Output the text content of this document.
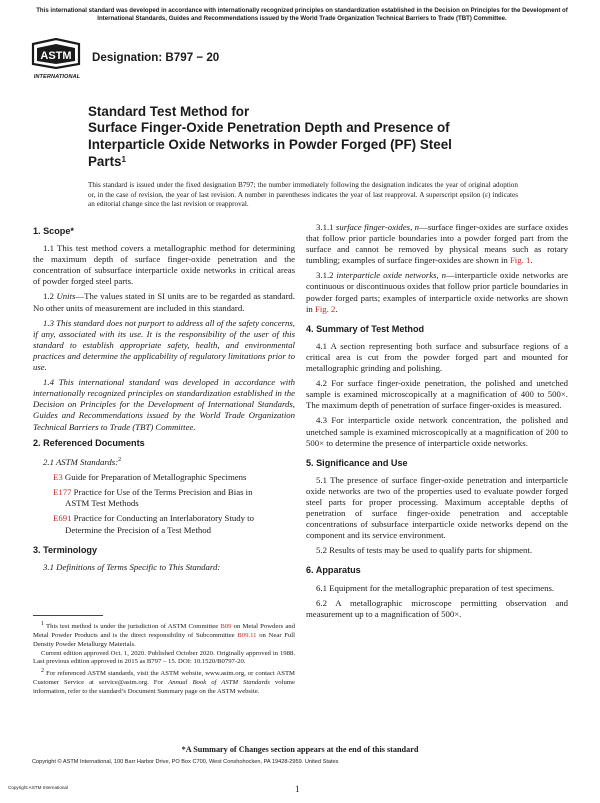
This international standard was developed in accordance with internationally recognized principles on standardization established in the Decision on Principles for the Development of International Standards, Guides and Recommendations issued by the World Trade Organization Technical Barriers to Trade (TBT) Committee.
ASTM
INTERNATIONAL
Designation: B797 − 20
Standard Test Method for
Surface Finger-Oxide Penetration Depth and Presence of
Interparticle Oxide Networks in Powder Forged (PF) Steel
Parts$^1$
This standard is issued under the fixed designation B797; the number immediately following the designation indicates the year of original adoption or, in the case of revision, the year of last revision. A number in parentheses indicates the year of last reapproval. A superscript epsilon (ε) indicates an editorial change since the last revision or reapproval.
1. Scope*

1.1 This test method covers a metallographic method for determining the maximum depth of surface finger-oxide penetration and the concentration of subsurface interparticle oxide networks in critical areas of powder forged steel parts.

1.2 Units—The values stated in SI units are to be regarded as standard. No other units of measurement are included in this standard.

1.3 This standard does not purport to address all of the safety concerns, if any, associated with its use. It is the responsibility of the user of this standard to establish appropriate safety, health, and environmental practices and determine the applicability of regulatory limitations prior to use.

1.4 This international standard was developed in accordance with internationally recognized principles on standardization established in the Decision on Principles for the Development of International Standards, Guides and Recommendations issued by the World Trade Organization Technical Barriers to Trade (TBT) Committee.

2. Referenced Documents

2.1 ASTM Standards:$^2$

E3 Guide for Preparation of Metallographic Specimens

E177 Practice for Use of the Terms Precision and Bias in
ASTM Test Methods

E691 Practice for Conducting an Interlaboratory Study to
Determine the Precision of a Test Method

3. Terminology

3.1 Definitions of Terms Specific to This Standard:

$^1$ This test method is under the jurisdiction of ASTM Committee B09 on Metal Powders and Metal Powder Products and is the direct responsibility of Subcommittee B09.11 on Near Full Density Powder Metallurgy Materials.

Current edition approved Oct. 1, 2020. Published October 2020. Originally approved in 1988. Last previous edition approved in 2015 as B797 – 15. DOI: 10.1520/B0797-20.

$^2$ For referenced ASTM standards, visit the ASTM website, www.astm.org, or contact ASTM Customer Service at service@astm.org. For Annual Book of ASTM Standards volume information, refer to the standard’s Document Summary page on the ASTM website.

3.1.1 surface finger-oxides, n—surface finger-oxides are surface oxides that follow prior particle boundaries into a powder forged part from the surface and cannot be removed by physical means such as rotary tumbling; examples of surface finger-oxides are shown in Fig. 1.

3.1.2 interparticle oxide networks, n—interparticle oxide networks are continuous or discontinuous oxides that follow prior particle boundaries in powder forged parts; examples of interparticle oxide networks are shown in Fig. 2.

4. Summary of Test Method

4.1 A section representing both surface and subsurface regions of a critical area is cut from the powder forged part and mounted for metallographic grinding and polishing.

4.2 For surface finger-oxide penetration, the polished and unetched sample is examined microscopically at a magnification of 400 to 500×. The maximum depth of penetration of surface finger-oxides is measured.

4.3 For interparticle oxide network concentration, the polished and unetched sample is examined microscopically at a magnification of 200 to 500× to determine the presence of interparticle oxide networks.

5. Significance and Use

5.1 The presence of surface finger-oxide penetration and interparticle oxide networks are two of the properties used to evaluate powder forged steel parts for proper processing. Maximum acceptable depths of penetration of surface finger-oxide penetration and acceptable concentrations of subsurface interparticle oxide networks depend on the component and its service environment.

5.2 Results of tests may be used to qualify parts for shipment.

6. Apparatus

6.1 Equipment for the metallographic preparation of test specimens.

6.2 A metallographic microscope permitting observation and measurement up to a magnification of 500×.

*A Summary of Changes section appears at the end of this standard
Copyright © ASTM International, 100 Barr Harbor Drive, PO Box C700, West Conshohocken, PA 19428-2959. United States
Copyright ASTM International	1
